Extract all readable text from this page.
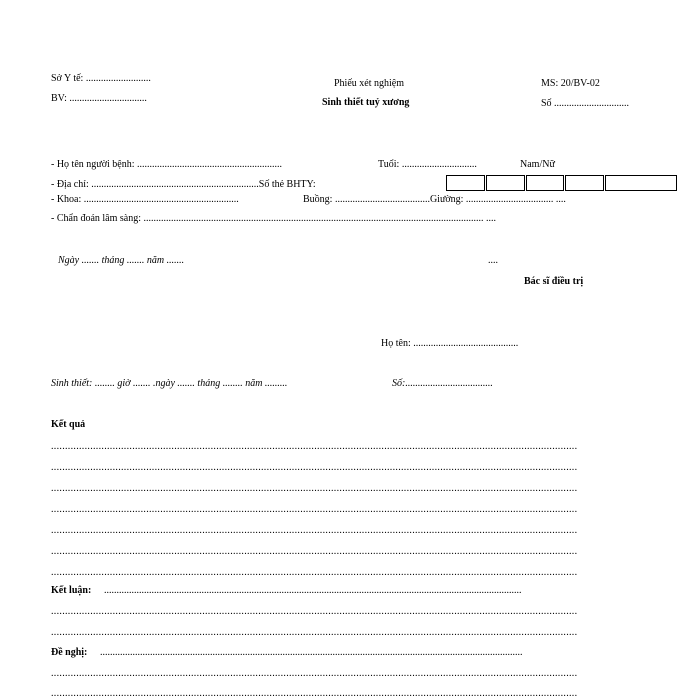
Sở Y tế: ..........................
BV: ...............................
Phiếu xét nghiệm
Sinh thiết tuỷ xương
MS: 20/BV-02
Số ..............................
- Họ tên người bệnh: ..........................................................	Tuổi: ..............................	Nam/Nữ
- Địa chỉ: ...................................................................Số thẻ BHTY:
- Khoa: ..............................................................	Buồng: ......................................Giường: ................................... ....
- Chẩn đoán lâm sàng: ........................................................................................................................................ ....
Ngày ....... tháng ....... năm .......	....
Bác sĩ điều trị
Họ tên: ..........................................
Sinh thiết: ........ giờ ....... .ngày ....... tháng ........ năm .........	Số:...................................
Kết quả
............................................................................................................................................................................................
............................................................................................................................................................................................
............................................................................................................................................................................................
............................................................................................................................................................................................
............................................................................................................................................................................................
............................................................................................................................................................................................
............................................................................................................................................................................................
Kết luận: .......................................................................................................................................................................
............................................................................................................................................................................................
............................................................................................................................................................................................
Đề nghị: .........................................................................................................................................................................
............................................................................................................................................................................................
............................................................................................................................................................................................
